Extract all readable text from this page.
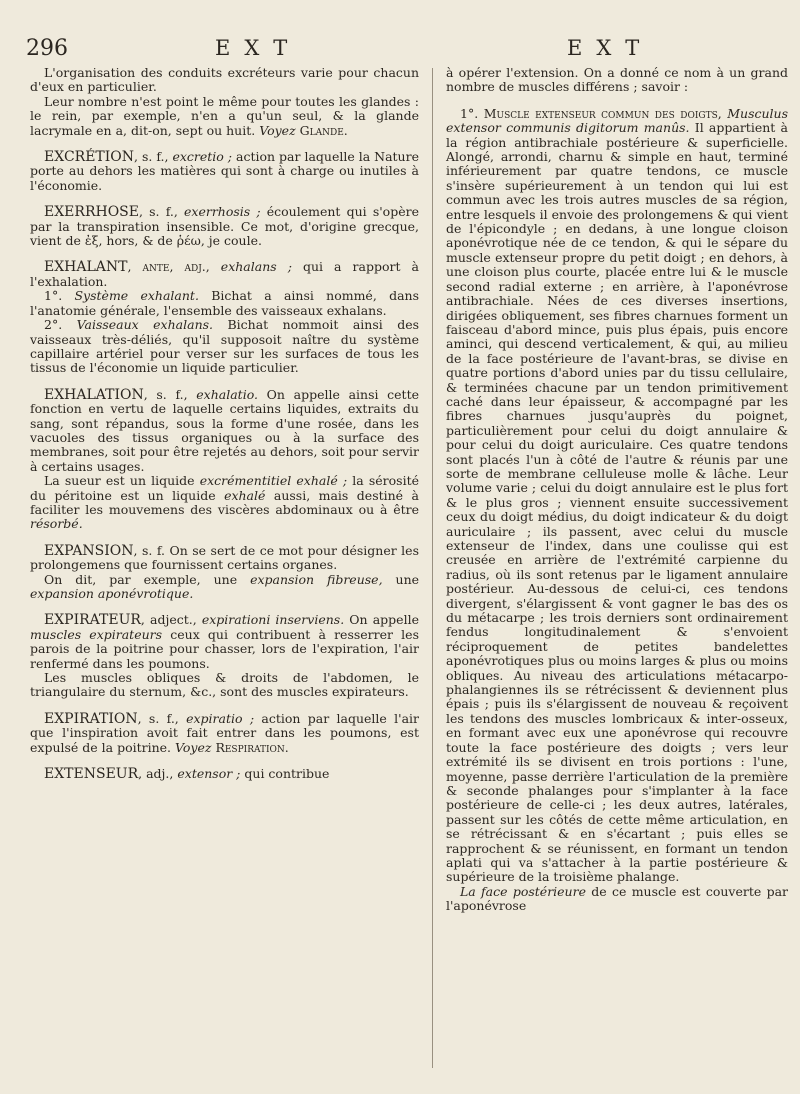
296	EXT	EXT

L'organisation des conduits excréteurs varie pour chacun d'eux en particulier.

Leur nombre n'est point le même pour toutes les glandes : le rein, par exemple, n'en a qu'un seul, & la glande lacrymale en a, dit-on, sept ou huit. Voyez Glande.

EXCRÉTION, s. f., excretio ; action par laquelle la Nature porte au dehors les matières qui sont à charge ou inutiles à l'économie.

EXERRHOSE, s. f., exerrhosis ; écoulement qui s'opère par la transpiration insensible. Ce mot, d'origine grecque, vient de ἐξ, hors, & de ῥέω, je coule.

EXHALANT, ante, adj., exhalans ; qui a rapport à l'exhalation.

1°. Système exhalant. Bichat a ainsi nommé, dans l'anatomie générale, l'ensemble des vaisseaux exhalans.

2°. Vaisseaux exhalans. Bichat nommoit ainsi des vaisseaux très-déliés, qu'il supposoit naître du système capillaire artériel pour verser sur les surfaces de tous les tissus de l'économie un liquide particulier.

EXHALATION, s. f., exhalatio. On appelle ainsi cette fonction en vertu de laquelle certains liquides, extraits du sang, sont répandus, sous la forme d'une rosée, dans les vacuoles des tissus organiques ou à la surface des membranes, soit pour être rejetés au dehors, soit pour servir à certains usages.

La sueur est un liquide excrémentitiel exhalé ; la sérosité du péritoine est un liquide exhalé aussi, mais destiné à faciliter les mouvemens des viscères abdominaux ou à être résorbé.

EXPANSION, s. f. On se sert de ce mot pour désigner les prolongemens que fournissent certains organes.

On dit, par exemple, une expansion fibreuse, une expansion aponévrotique.

EXPIRATEUR, adject., expirationi inserviens. On appelle muscles expirateurs ceux qui contribuent à resserrer les parois de la poitrine pour chasser, lors de l'expiration, l'air renfermé dans les poumons.

Les muscles obliques & droits de l'abdomen, le triangulaire du sternum, &c., sont des muscles expirateurs.

EXPIRATION, s. f., expiratio ; action par laquelle l'air que l'inspiration avoit fait entrer dans les poumons, est expulsé de la poitrine. Voyez Respiration.

EXTENSEUR, adj., extensor ; qui contribue

à opérer l'extension. On a donné ce nom à un grand nombre de muscles différens ; savoir :

1°. Muscle extenseur commun des doigts, Musculus extensor communis digitorum manûs. Il appartient à la région antibrachiale postérieure & superficielle. Alongé, arrondi, charnu & simple en haut, terminé inférieurement par quatre tendons, ce muscle s'insère supérieurement à un tendon qui lui est commun avec les trois autres muscles de sa région, entre lesquels il envoie des prolongemens & qui vient de l'épicondyle ; en dedans, à une longue cloison aponévrotique née de ce tendon, & qui le sépare du muscle extenseur propre du petit doigt ; en dehors, à une cloison plus courte, placée entre lui & le muscle second radial externe ; en arrière, à l'aponévrose antibrachiale. Nées de ces diverses insertions, dirigées obliquement, ses fibres charnues forment un faisceau d'abord mince, puis plus épais, puis encore aminci, qui descend verticalement, & qui, au milieu de la face postérieure de l'avant-bras, se divise en quatre portions d'abord unies par du tissu cellulaire, & terminées chacune par un tendon primitivement caché dans leur épaisseur, & accompagné par les fibres charnues jusqu'auprès du poignet, particulièrement pour celui du doigt annulaire & pour celui du doigt auriculaire. Ces quatre tendons sont placés l'un à côté de l'autre & réunis par une sorte de membrane celluleuse molle & lâche. Leur volume varie ; celui du doigt annulaire est le plus fort & le plus gros ; viennent ensuite successivement ceux du doigt médius, du doigt indicateur & du doigt auriculaire ; ils passent, avec celui du muscle extenseur de l'index, dans une coulisse qui est creusée en arrière de l'extrémité carpienne du radius, où ils sont retenus par le ligament annulaire postérieur. Au-dessous de celui-ci, ces tendons divergent, s'élargissent & vont gagner le bas des os du métacarpe ; les trois derniers sont ordinairement fendus longitudinalement & s'envoient réciproquement de petites bandelettes aponévrotiques plus ou moins larges & plus ou moins obliques. Au niveau des articulations métacarpo-phalangiennes ils se rétrécissent & deviennent plus épais ; puis ils s'élargissent de nouveau & reçoivent les tendons des muscles lombricaux & inter-osseux, en formant avec eux une aponévrose qui recouvre toute la face postérieure des doigts ; vers leur extrémité ils se divisent en trois portions : l'une, moyenne, passe derrière l'articulation de la première & seconde phalanges pour s'implanter à la face postérieure de celle-ci ; les deux autres, latérales, passent sur les côtés de cette même articulation, en se rétrécissant & en s'écartant ; puis elles se rapprochent & se réunissent, en formant un tendon aplati qui va s'attacher à la partie postérieure & supérieure de la troisième phalange.

La face postérieure de ce muscle est couverte par l'aponévrose
